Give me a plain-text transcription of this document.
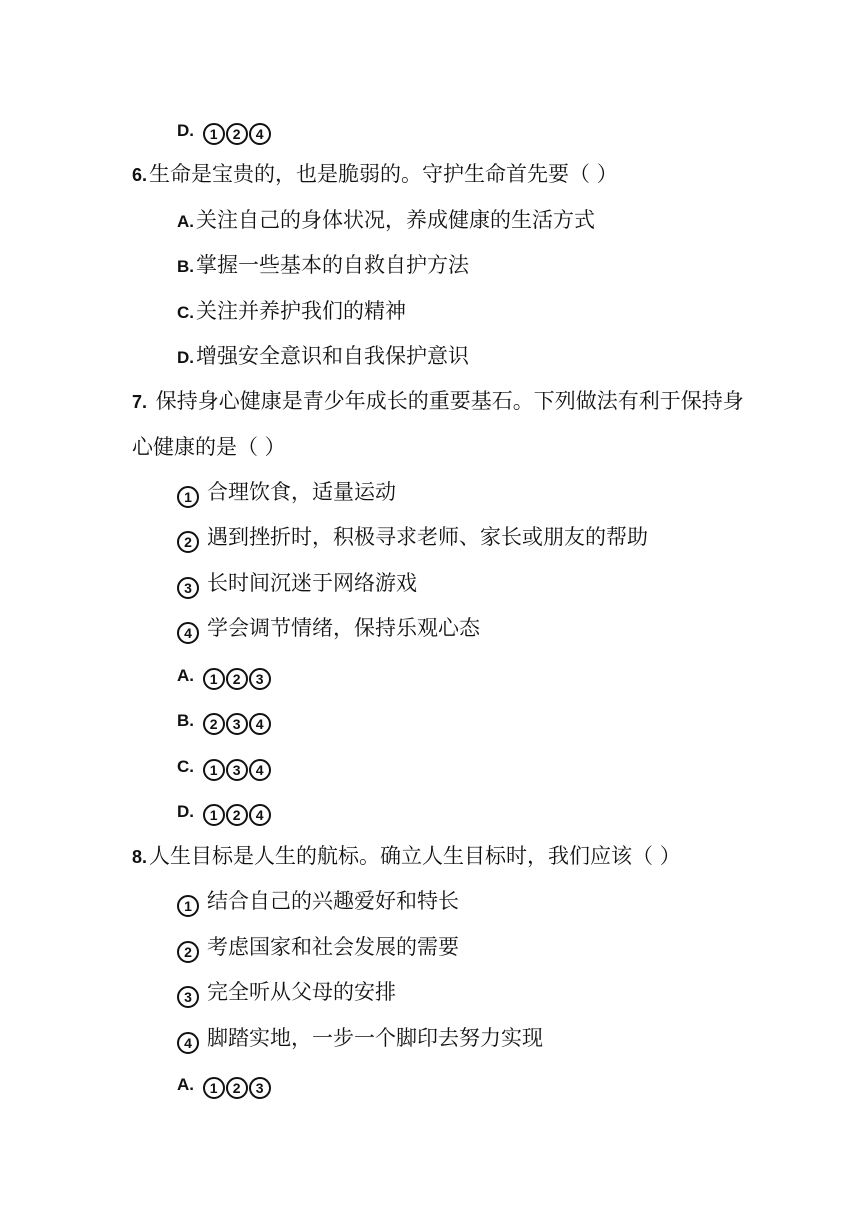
D. 1 2 4
6.生命是宝贵的，也是脆弱的。守护生命首先要（ ）
A.关注自己的身体状况，养成健康的生活方式
B.掌握一些基本的自救自护方法
C.关注并养护我们的精神
D.增强安全意识和自我保护意识
7. 保持身心健康是青少年成长的重要基石。下列做法有利于保持身
心健康的是（ ）
1 合理饮食，适量运动
2 遇到挫折时，积极寻求老师、家长或朋友的帮助
3 长时间沉迷于网络游戏
4 学会调节情绪，保持乐观心态
A. 1 2 3
B. 2 3 4
C. 1 3 4
D. 1 2 4
8.人生目标是人生的航标。确立人生目标时，我们应该（ ）
1 结合自己的兴趣爱好和特长
2 考虑国家和社会发展的需要
3 完全听从父母的安排
4 脚踏实地，一步一个脚印去努力实现
A. 1 2 3
